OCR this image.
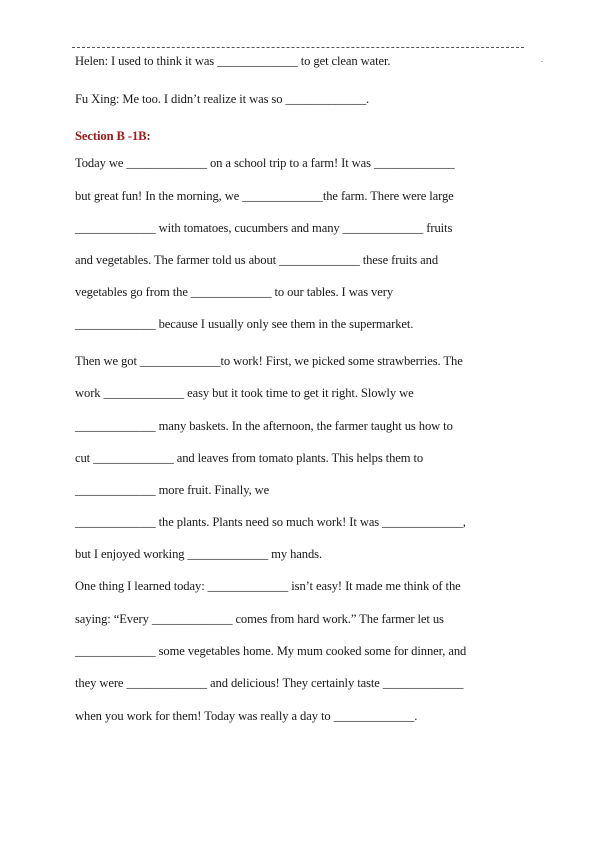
Helen: I used to think it was _____________ to get clean water.
Fu Xing: Me too. I didn’t realize it was so _____________.
Section B -1B:
Today we _____________ on a school trip to a farm! It was _____________
but great fun! In the morning, we _____________the farm. There were large
_____________ with tomatoes, cucumbers and many _____________ fruits
and vegetables. The farmer told us about _____________ these fruits and
vegetables go from the _____________ to our tables. I was very
_____________ because I usually only see them in the supermarket.
Then we got _____________to work! First, we picked some strawberries. The
work _____________ easy but it took time to get it right. Slowly we
_____________ many baskets. In the afternoon, the farmer taught us how to
cut _____________ and leaves from tomato plants. This helps them to
_____________ more fruit. Finally, we
_____________ the plants. Plants need so much work! It was _____________,
but I enjoyed working _____________ my hands.
One thing I learned today: _____________ isn’t easy! It made me think of the
saying: “Every _____________ comes from hard work.” The farmer let us
_____________ some vegetables home. My mum cooked some for dinner, and
they were _____________ and delicious! They certainly taste _____________
when you work for them! Today was really a day to _____________.
